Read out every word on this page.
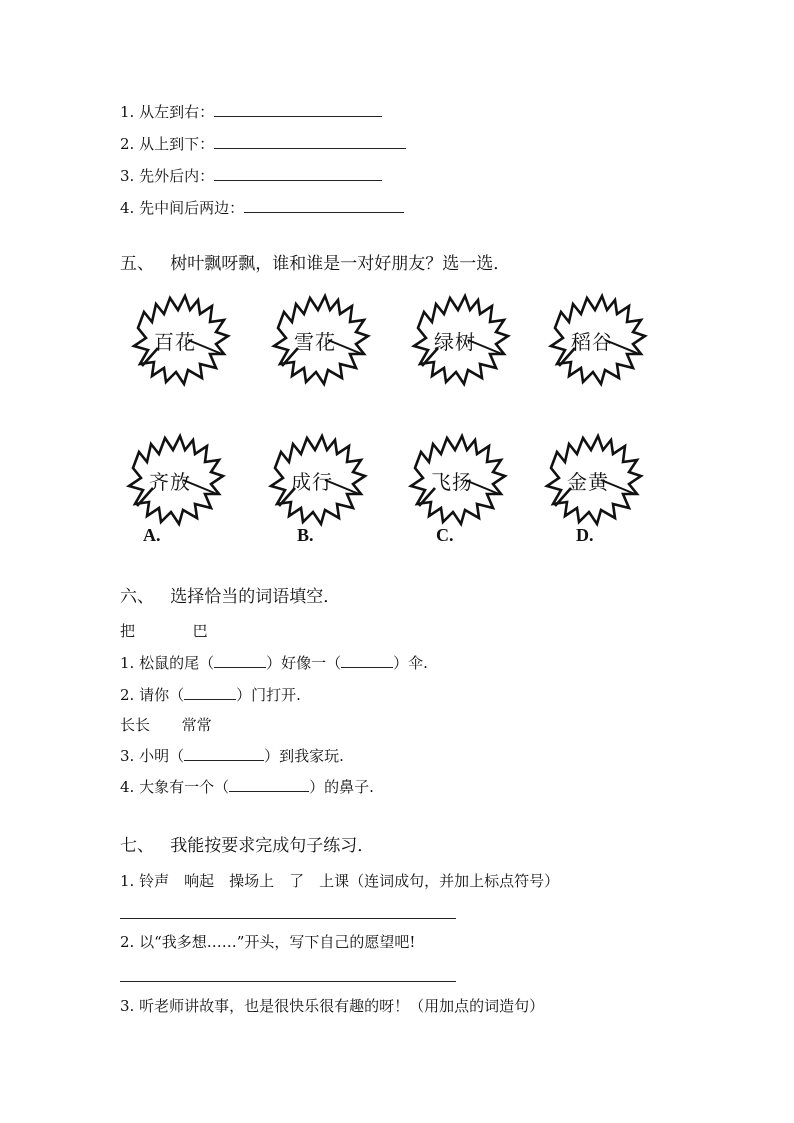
1. 从左到右：
2. 从上到下：
3. 先外后内：
4. 先中间后两边：
五、 树叶飘呀飘，谁和谁是一对好朋友？选一选．
百花	雪花	绿树	稻谷
齐放	成行	飞扬	金黄
A.	B.	C.	D.
六、 选择恰当的词语填空．
把	巴
1. 松鼠的尾（	）好像一（	）伞.
2. 请你（	）门打开.
长长 常常
3. 小明（	）到我家玩.
4. 大象有一个（	）的鼻子.
七、 我能按要求完成句子练习．
1. 铃声　响起　操场上　了　上课（连词成句，并加上标点符号）
2. 以“我多想……”开头，写下自己的愿望吧!
3. 听老师讲故事，也是很快乐很有趣的呀！（用加点的词造句）
